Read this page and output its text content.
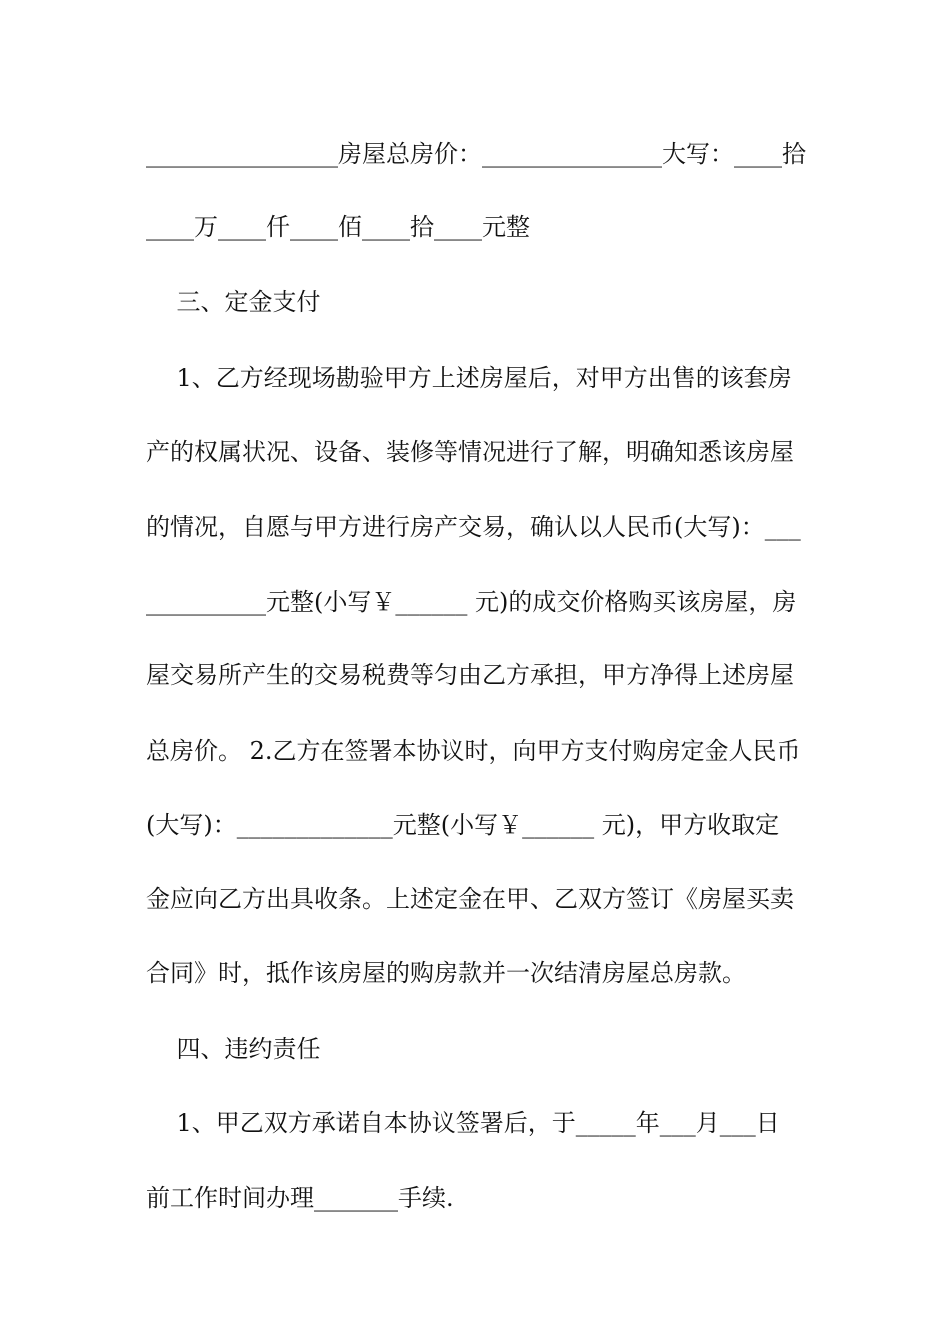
________________房屋总房价：_______________大写：____拾
____万____仟____佰____拾____元整
三、定金支付
1、乙方经现场勘验甲方上述房屋后，对甲方出售的该套房
产的权属状况、设备、装修等情况进行了解，明确知悉该房屋
的情况，自愿与甲方进行房产交易，确认以人民币(大写)：___
__________元整(小写￥______ 元)的成交价格购买该房屋，房
屋交易所产生的交易税费等匀由乙方承担，甲方净得上述房屋
总房价。 2.乙方在签署本协议时，向甲方支付购房定金人民币
(大写)：_____________元整(小写￥______ 元)，甲方收取定
金应向乙方出具收条。上述定金在甲、乙双方签订《房屋买卖
合同》时，抵作该房屋的购房款并一次结清房屋总房款。
四、违约责任
1、甲乙双方承诺自本协议签署后，于_____年___月___日
前工作时间办理_______手续.
